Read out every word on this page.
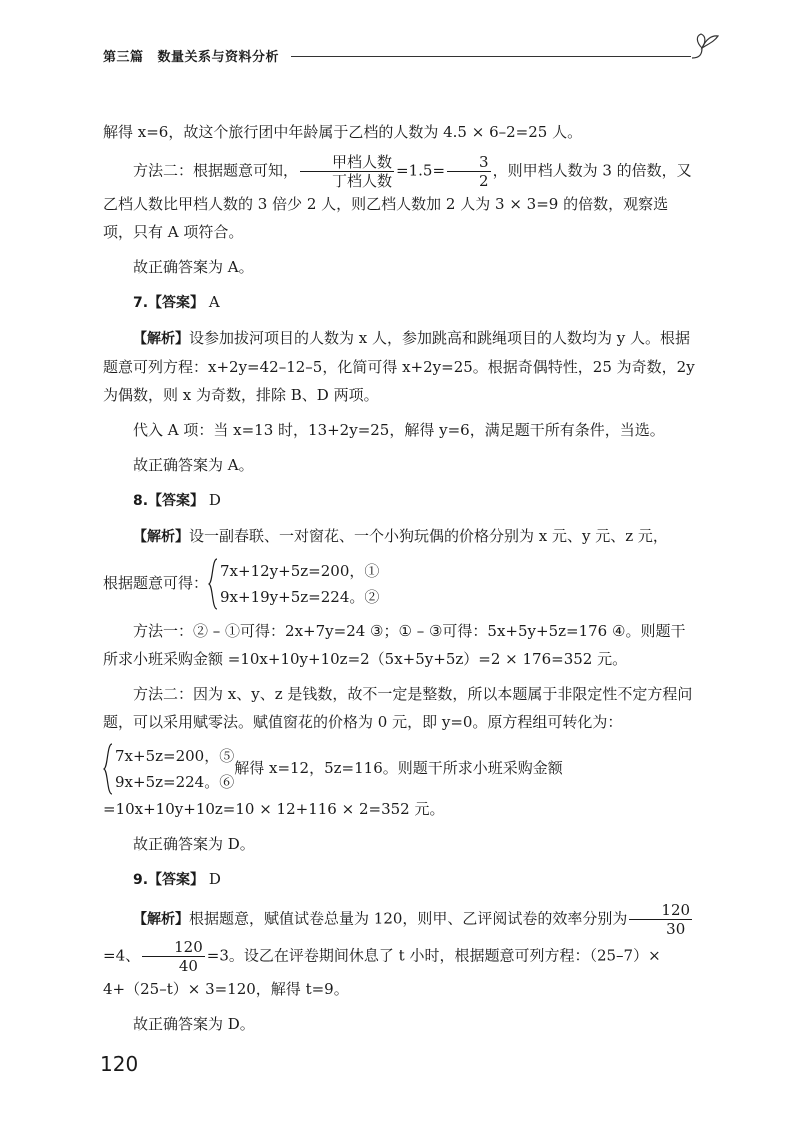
第三篇 数量关系与资料分析

解得 x=6，故这个旅行团中年龄属于乙档的人数为 4.5 × 6–2=25 人。

方法二：根据题意可知， $\frac{\text{甲档人数}}{\text{丁档人数}} =1.5= \frac{3}{2}$ ，则甲档人数为 3 的倍数，又乙档人数比甲档人数的 3 倍少 2 人，则乙档人数加 2 人为 3 × 3=9 的倍数，观察选项，只有 A 项符合。

故正确答案为 A。

7.【答案】 A

【解析】设参加拔河项目的人数为 x 人，参加跳高和跳绳项目的人数均为 y 人。根据题意可列方程：x+2y=42–12–5，化简可得 x+2y=25。根据奇偶特性，25 为奇数，2y 为偶数，则 x 为奇数，排除 B、D 两项。

代入 A 项：当 x=13 时，13+2y=25，解得 y=6，满足题干所有条件，当选。

故正确答案为 A。

8.【答案】 D

【解析】设一副春联、一对窗花、一个小狗玩偶的价格分别为 x 元、y 元、z 元，

根据题意可得：
7x+12y+5z=200，①
9x+19y+5z=224。②

方法一：② – ①可得：2x+7y=24 ③；① – ③可得：5x+5y+5z=176 ④。则题干所求小班采购金额 =10x+10y+10z=2（5x+5y+5z）=2 × 176=352 元。

方法二：因为 x、y、z 是钱数，故不一定是整数，所以本题属于非限定性不定方程问题，可以采用赋零法。赋值窗花的价格为 0 元，即 y=0。原方程组可转化为：

7x+5z=200，⑤
9x+5z=224。⑥
解得 x=12，5z=116。则题干所求小班采购金额 =10x+10y+10z=10 × 12+116 × 2=352 元。

故正确答案为 D。

9.【答案】 D

【解析】根据题意，赋值试卷总量为 120，则甲、乙评阅试卷的效率分别为 $\frac{120}{30}$
=4、 $\frac{120}{40} =3$。设乙在评卷期间休息了 t 小时，根据题意可列方程：（25–7）× 4+（25–t）× 3=120，解得 t=9。

故正确答案为 D。

120
